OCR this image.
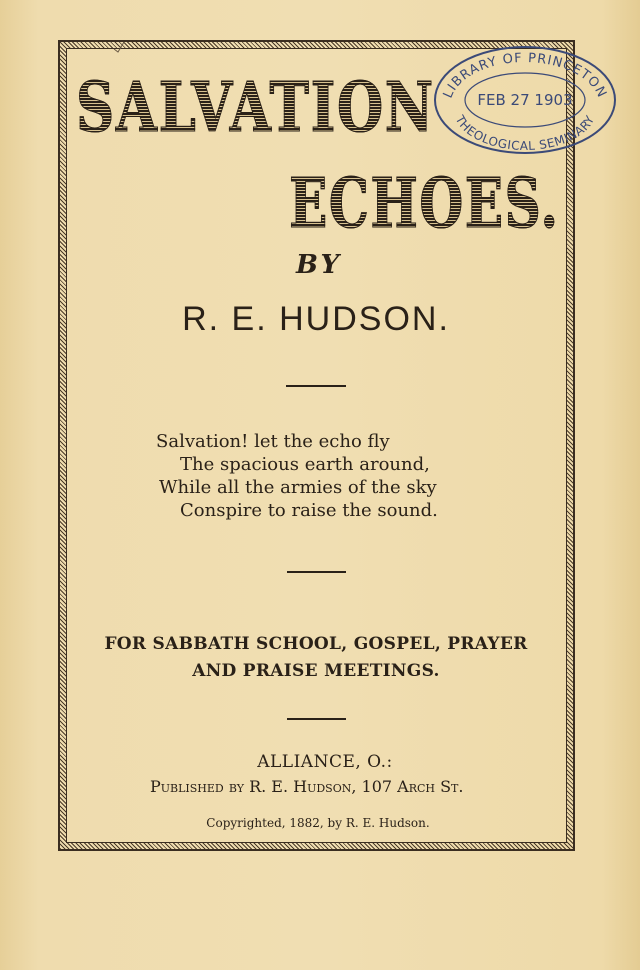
SALVATION
ECHOES.
BY
R. E. HUDSON.
Salvation! let the echo fly
The spacious earth around,
While all the armies of the sky
Conspire to raise the sound.
FOR SABBATH SCHOOL, GOSPEL, PRAYER
AND PRAISE MEETINGS.
ALLIANCE, O.:
Published by R. E. Hudson, 107 Arch St.
Copyrighted, 1882, by R. E. Hudson.
LIBRARY OF PRINCETON
THEOLOGICAL SEMINARY
FEB 27 1903
